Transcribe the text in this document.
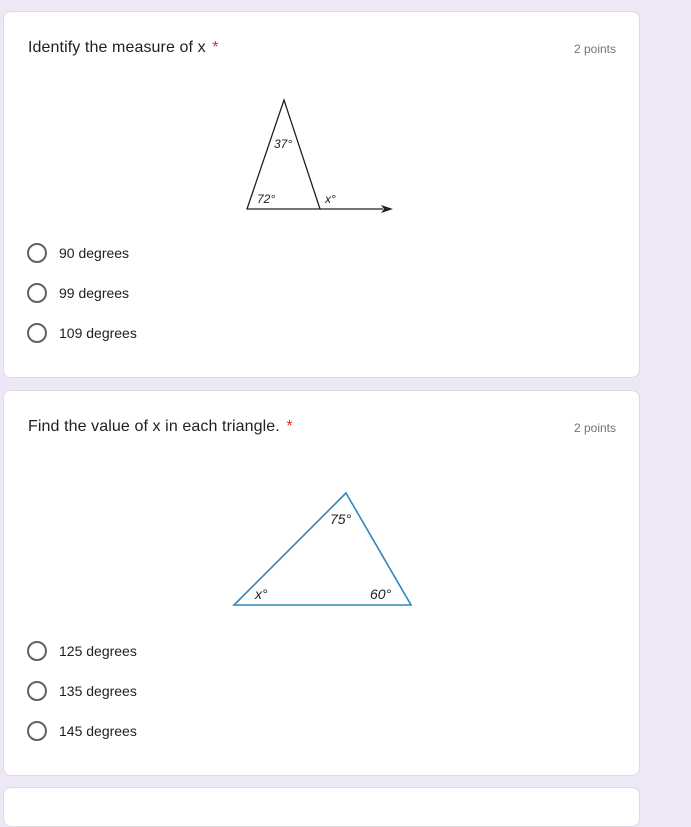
Identify the measure of x *	2 points
37°
72°	x°
90 degrees
99 degrees
109 degrees
Find the value of x in each triangle. *	2 points
75°
x°	60°
125 degrees
135 degrees
145 degrees
